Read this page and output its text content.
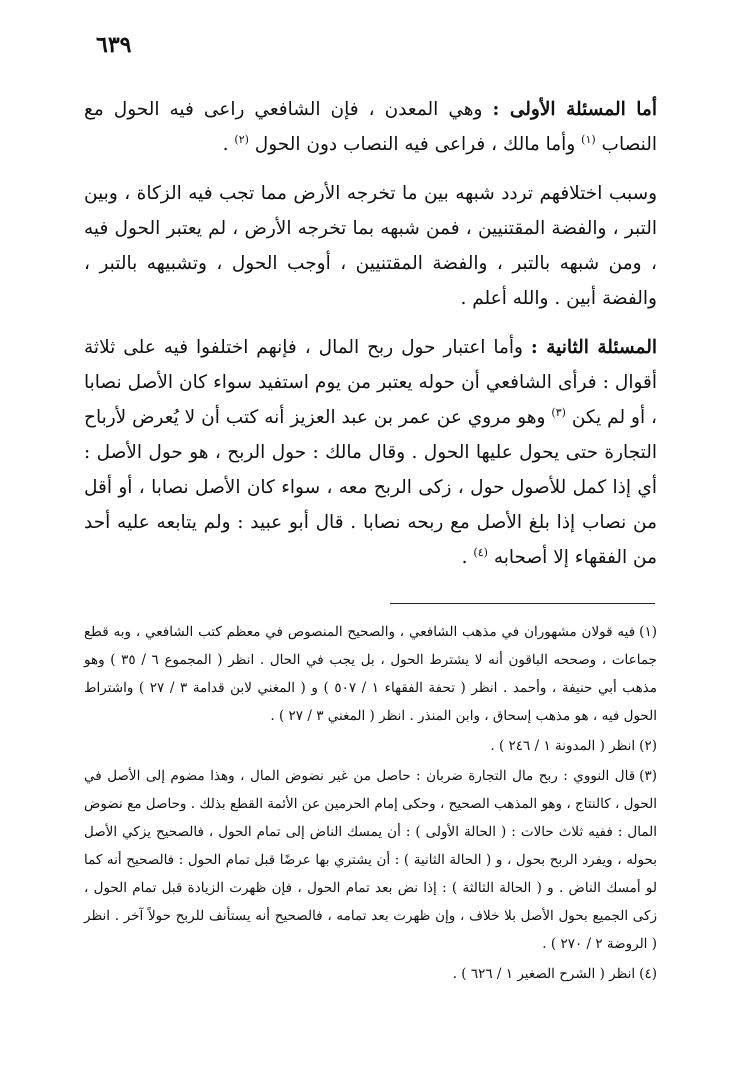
٦٣٩

أما المسئلة الأولى : وهي المعدن ، فإن الشافعي راعى فيه الحول مع النصاب $^{(١)}$ وأما مالك ، فراعى فيه النصاب دون الحول $^{(٢)}$ .

وسبب اختلافهم تردد شبهه بين ما تخرجه الأرض مما تجب فيه الزكاة ، وبين التبر ، والفضة المقتنيين ، فمن شبهه بما تخرجه الأرض ، لم يعتبر الحول فيه ، ومن شبهه بالتبر ، والفضة المقتنيين ، أوجب الحول ، وتشبيهه بالتبر ، والفضة أبين . والله أعلم .

المسئلة الثانية : وأما اعتبار حول ربح المال ، فإنهم اختلفوا فيه على ثلاثة أقوال : فرأى الشافعي أن حوله يعتبر من يوم استفيد سواء كان الأصل نصابا ، أو لم يكن $^{(٣)}$ وهو مروي عن عمر بن عبد العزيز أنه كتب أن لا يُعرض لأرباح التجارة حتى يحول عليها الحول . وقال مالك : حول الربح ، هو حول الأصل : أي إذا كمل للأصول حول ، زكى الربح معه ، سواء كان الأصل نصابا ، أو أقل من نصاب إذا بلغ الأصل مع ربحه نصابا . قال أبو عبيد : ولم يتابعه عليه أحد من الفقهاء إلا أصحابه $^{(٤)}$ .

(١)فيه قولان مشهوران في مذهب الشافعي ، والصحيح المنصوص في معظم كتب الشافعي ، وبه قطع جماعات ، وصححه الباقون أنه لا يشترط الحول ، بل يجب في الحال . انظر ( المجموع ٦ / ٣٥ ) وهو مذهب أبي حنيفة ، وأحمد . انظر ( تحفة الفقهاء ١ / ٥٠٧ ) و ( المغني لابن قدامة ٣ / ٢٧ ) واشتراط الحول فيه ، هو مذهب إسحاق ، وابن المنذر . انظر ( المغني ٣ / ٢٧ ) .

(٢)انظر ( المدونة ١ / ٢٤٦ ) .

(٣)قال النووي : ربح مال التجارة ضربان : حاصل من غير نضوض المال ، وهذا مضوم إلى الأصل في الحول ، كالنتاج ، وهو المذهب الصحيح ، وحكى إمام الحرمين عن الأئمة القطع بذلك . وحاصل مع نضوض المال : ففيه ثلاث حالات : ( الحالة الأولى ) : أن يمسك الناض إلى تمام الحول ، فالصحيح يزكي الأصل بحوله ، ويفرد الربح بحول ، و ( الحالة الثانية ) : أن يشتري بها عرضًا قبل تمام الحول : فالصحيح أنه كما لو أمسك الناض . و ( الحالة الثالثة ) : إذا نض بعد تمام الحول ، فإن ظهرت الزيادة قبل تمام الحول ، زكى الجميع بحول الأصل بلا خلاف ، وإن ظهرت بعد تمامه ، فالصحيح أنه يستأنف للربح حولاً آخر . انظر ( الروضة ٢ / ٢٧٠ ) .

(٤)انظر ( الشرح الصغير ١ / ٦٢٦ ) .
